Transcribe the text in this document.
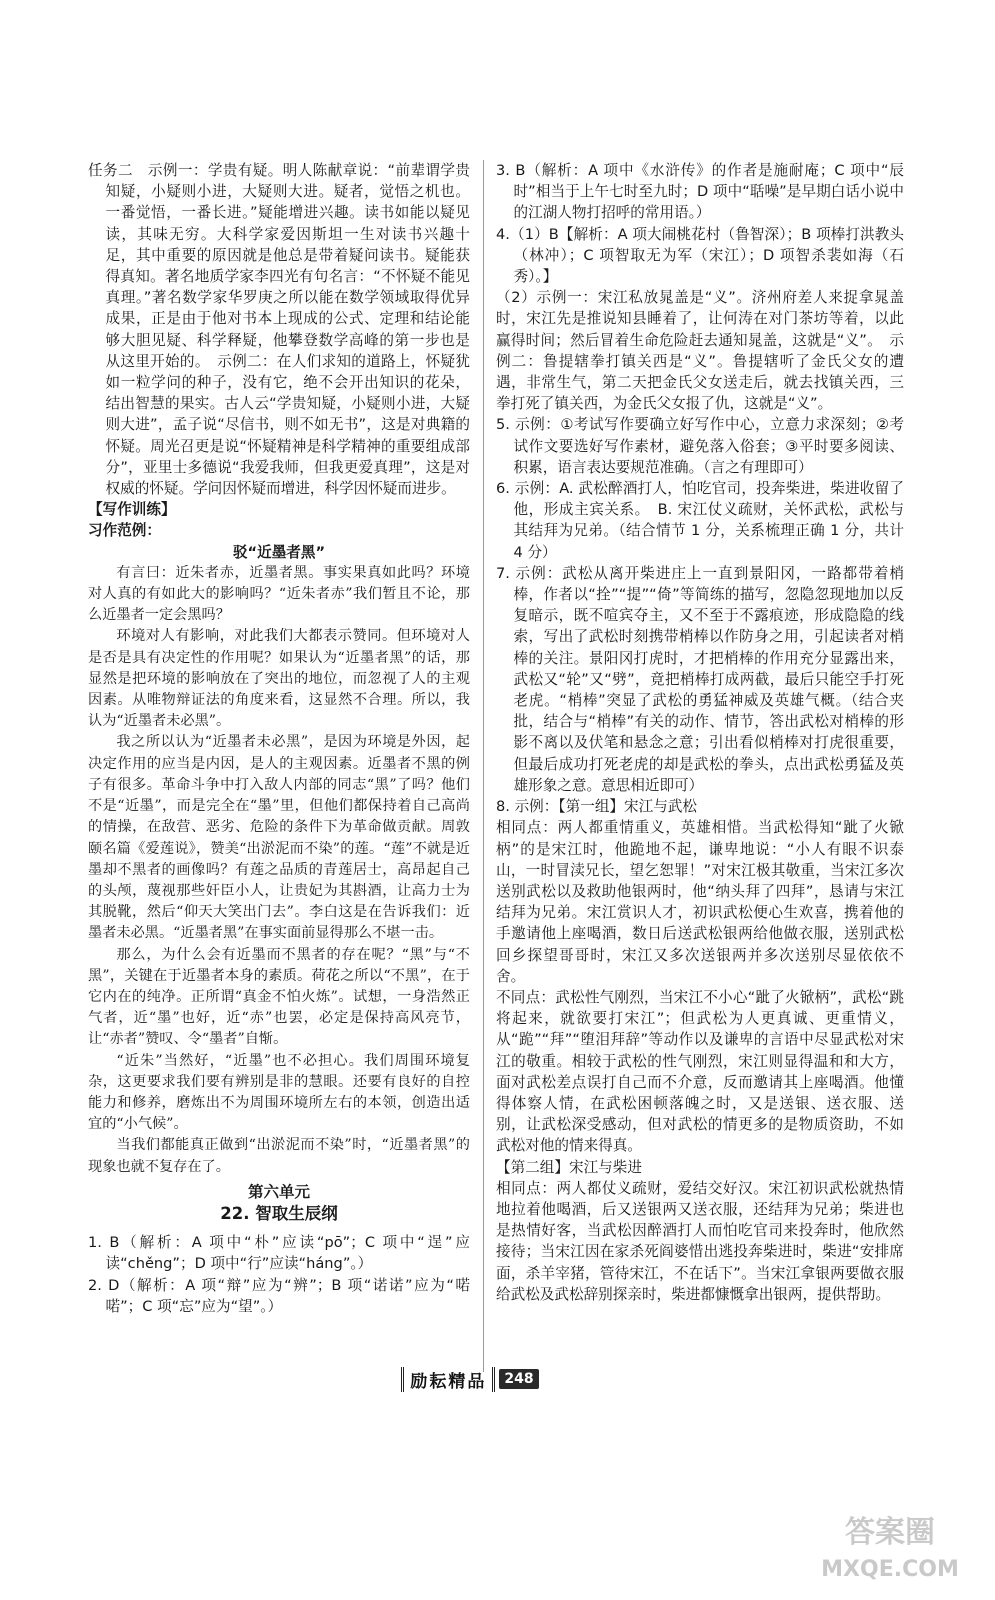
任务二　示例一：学贵有疑。明人陈献章说：“前辈谓学贵知疑，小疑则小进，大疑则大进。疑者，觉悟之机也。一番觉悟，一番长进。”疑能增进兴趣。读书如能以疑见读，其味无穷。大科学家爱因斯坦一生对读书兴趣十足，其中重要的原因就是他总是带着疑问读书。疑能获得真知。著名地质学家李四光有句名言：“不怀疑不能见真理。”著名数学家华罗庚之所以能在数学领域取得优异成果，正是由于他对书本上现成的公式、定理和结论能够大胆见疑、科学释疑，他攀登数学高峰的第一步也是从这里开始的。　示例二：在人们求知的道路上，怀疑犹如一粒学问的种子，没有它，绝不会开出知识的花朵，结出智慧的果实。古人云“学贵知疑，小疑则小进，大疑则大进”，孟子说“尽信书，则不如无书”，这是对典籍的怀疑。周光召更是说“怀疑精神是科学精神的重要组成部分”，亚里士多德说“我爱我师，但我更爱真理”，这是对权威的怀疑。学问因怀疑而增进，科学因怀疑而进步。

【写作训练】

习作范例：

驳“近墨者黑”

有言曰：近朱者赤，近墨者黑。事实果真如此吗？环境对人真的有如此大的影响吗？“近朱者赤”我们暂且不论，那么近墨者一定会黑吗？

环境对人有影响，对此我们大都表示赞同。但环境对人是否是具有决定性的作用呢？如果认为“近墨者黑”的话，那显然是把环境的影响放在了突出的地位，而忽视了人的主观因素。从唯物辩证法的角度来看，这显然不合理。所以，我认为“近墨者未必黑”。

我之所以认为“近墨者未必黑”，是因为环境是外因，起决定作用的应当是内因，是人的主观因素。近墨者不黑的例子有很多。革命斗争中打入敌人内部的同志“黑”了吗？他们不是“近墨”，而是完全在“墨”里，但他们都保持着自己高尚的情操，在敌营、恶劣、危险的条件下为革命做贡献。周敦颐名篇《爱莲说》，赞美“出淤泥而不染”的莲。“莲”不就是近墨却不黑者的画像吗？有莲之品质的青莲居士，高昂起自己的头颅，蔑视那些奸臣小人，让贵妃为其斟酒，让高力士为其脱靴，然后“仰天大笑出门去”。李白这是在告诉我们：近墨者未必黑。“近墨者黑”在事实面前显得那么不堪一击。

那么，为什么会有近墨而不黑者的存在呢？“黑”与“不黑”，关键在于近墨者本身的素质。荷花之所以“不黑”，在于它内在的纯净。正所谓“真金不怕火炼”。试想，一身浩然正气者，近“墨”也好，近“赤”也罢，必定是保持高风亮节，让“赤者”赞叹、令“墨者”自惭。

“近朱”当然好，“近墨”也不必担心。我们周围环境复杂，这更要求我们要有辨别是非的慧眼。还要有良好的自控能力和修养，磨炼出不为周围环境所左右的本领，创造出适宜的“小气候”。

当我们都能真正做到“出淤泥而不染”时，“近墨者黑”的现象也就不复存在了。

第六单元

22. 智取生辰纲

1. B（解析：A 项中“朴”应读“pō”；C 项中“逞”应读“chěng”；D 项中“行”应读“háng”。）

2. D（解析：A 项“辩”应为“辨”；B 项“诺诺”应为“喏喏”；C 项“忘”应为“望”。）

3. B（解析：A 项中《水浒传》的作者是施耐庵；C 项中“辰时”相当于上午七时至九时；D 项中“聒噪”是早期白话小说中的江湖人物打招呼的常用语。）

4.（1）B【解析：A 项大闹桃花村（鲁智深）；B 项棒打洪教头（林冲）；C 项智取无为军（宋江）；D 项智杀裴如海（石秀）。】

（2）示例一：宋江私放晁盖是“义”。济州府差人来捉拿晁盖时，宋江先是推说知县睡着了，让何涛在对门茶坊等着，以此赢得时间；然后冒着生命危险赶去通知晁盖，这就是“义”。　示例二：鲁提辖拳打镇关西是“义”。鲁提辖听了金氏父女的遭遇，非常生气，第二天把金氏父女送走后，就去找镇关西，三拳打死了镇关西，为金氏父女报了仇，这就是“义”。

5. 示例：①考试写作要确立好写作中心，立意力求深刻；②考试作文要选好写作素材，避免落入俗套；③平时要多阅读、积累，语言表达要规范准确。（言之有理即可）

6. 示例：A. 武松醉酒打人，怕吃官司，投奔柴进，柴进收留了他，形成主宾关系。　B. 宋江仗义疏财，关怀武松，武松与其结拜为兄弟。（结合情节 1 分，关系梳理正确 1 分，共计 4 分）

7. 示例：武松从离开柴进庄上一直到景阳冈，一路都带着梢棒，作者以“拴”“提”“倚”等简练的描写，忽隐忽现地加以反复暗示，既不喧宾夺主，又不至于不露痕迹，形成隐隐的线索，写出了武松时刻携带梢棒以作防身之用，引起读者对梢棒的关注。景阳冈打虎时，才把梢棒的作用充分显露出来，武松又“轮”又“劈”，竟把梢棒打成两截，最后只能空手打死老虎。“梢棒”突显了武松的勇猛神威及英雄气概。（结合夹批，结合与“梢棒”有关的动作、情节，答出武松对梢棒的形影不离以及伏笔和悬念之意；引出看似梢棒对打虎很重要，但最后成功打死老虎的却是武松的拳头，点出武松勇猛及英雄形象之意。意思相近即可）

8. 示例：【第一组】宋江与武松

相同点：两人都重情重义，英雄相惜。当武松得知“跐了火锨柄”的是宋江时，他跪地不起，谦卑地说：“小人有眼不识泰山，一时冒渎兄长，望乞恕罪！”对宋江极其敬重，当宋江多次送别武松以及救助他银两时，他“纳头拜了四拜”，恳请与宋江结拜为兄弟。宋江赏识人才，初识武松便心生欢喜，携着他的手邀请他上座喝酒，数日后送武松银两给他做衣服，送别武松回乡探望哥哥时，宋江又多次送银两并多次送别尽显依依不舍。

不同点：武松性气刚烈，当宋江不小心“跐了火锨柄”，武松“跳将起来，就欲要打宋江”；但武松为人更真诚、更重情义，从“跪”“拜”“堕泪拜辞”等动作以及谦卑的言语中尽显武松对宋江的敬重。相较于武松的性气刚烈，宋江则显得温和和大方，面对武松差点误打自己而不介意，反而邀请其上座喝酒。他懂得体察人情，在武松困顿落魄之时，又是送银、送衣服、送别，让武松深受感动，但对武松的情更多的是物质资助，不如武松对他的情来得真。

【第二组】宋江与柴进

相同点：两人都仗义疏财，爱结交好汉。宋江初识武松就热情地拉着他喝酒，后又送银两又送衣服，还结拜为兄弟；柴进也是热情好客，当武松因醉酒打人而怕吃官司来投奔时，他欣然接待；当宋江因在家杀死阎婆惜出逃投奔柴进时，柴进“安排席面，杀羊宰猪，管待宋江，不在话下”。当宋江拿银两要做衣服给武松及武松辞别探亲时，柴进都慷慨拿出银两，提供帮助。

励耘精品	248
答案圈
MXQE.COM
